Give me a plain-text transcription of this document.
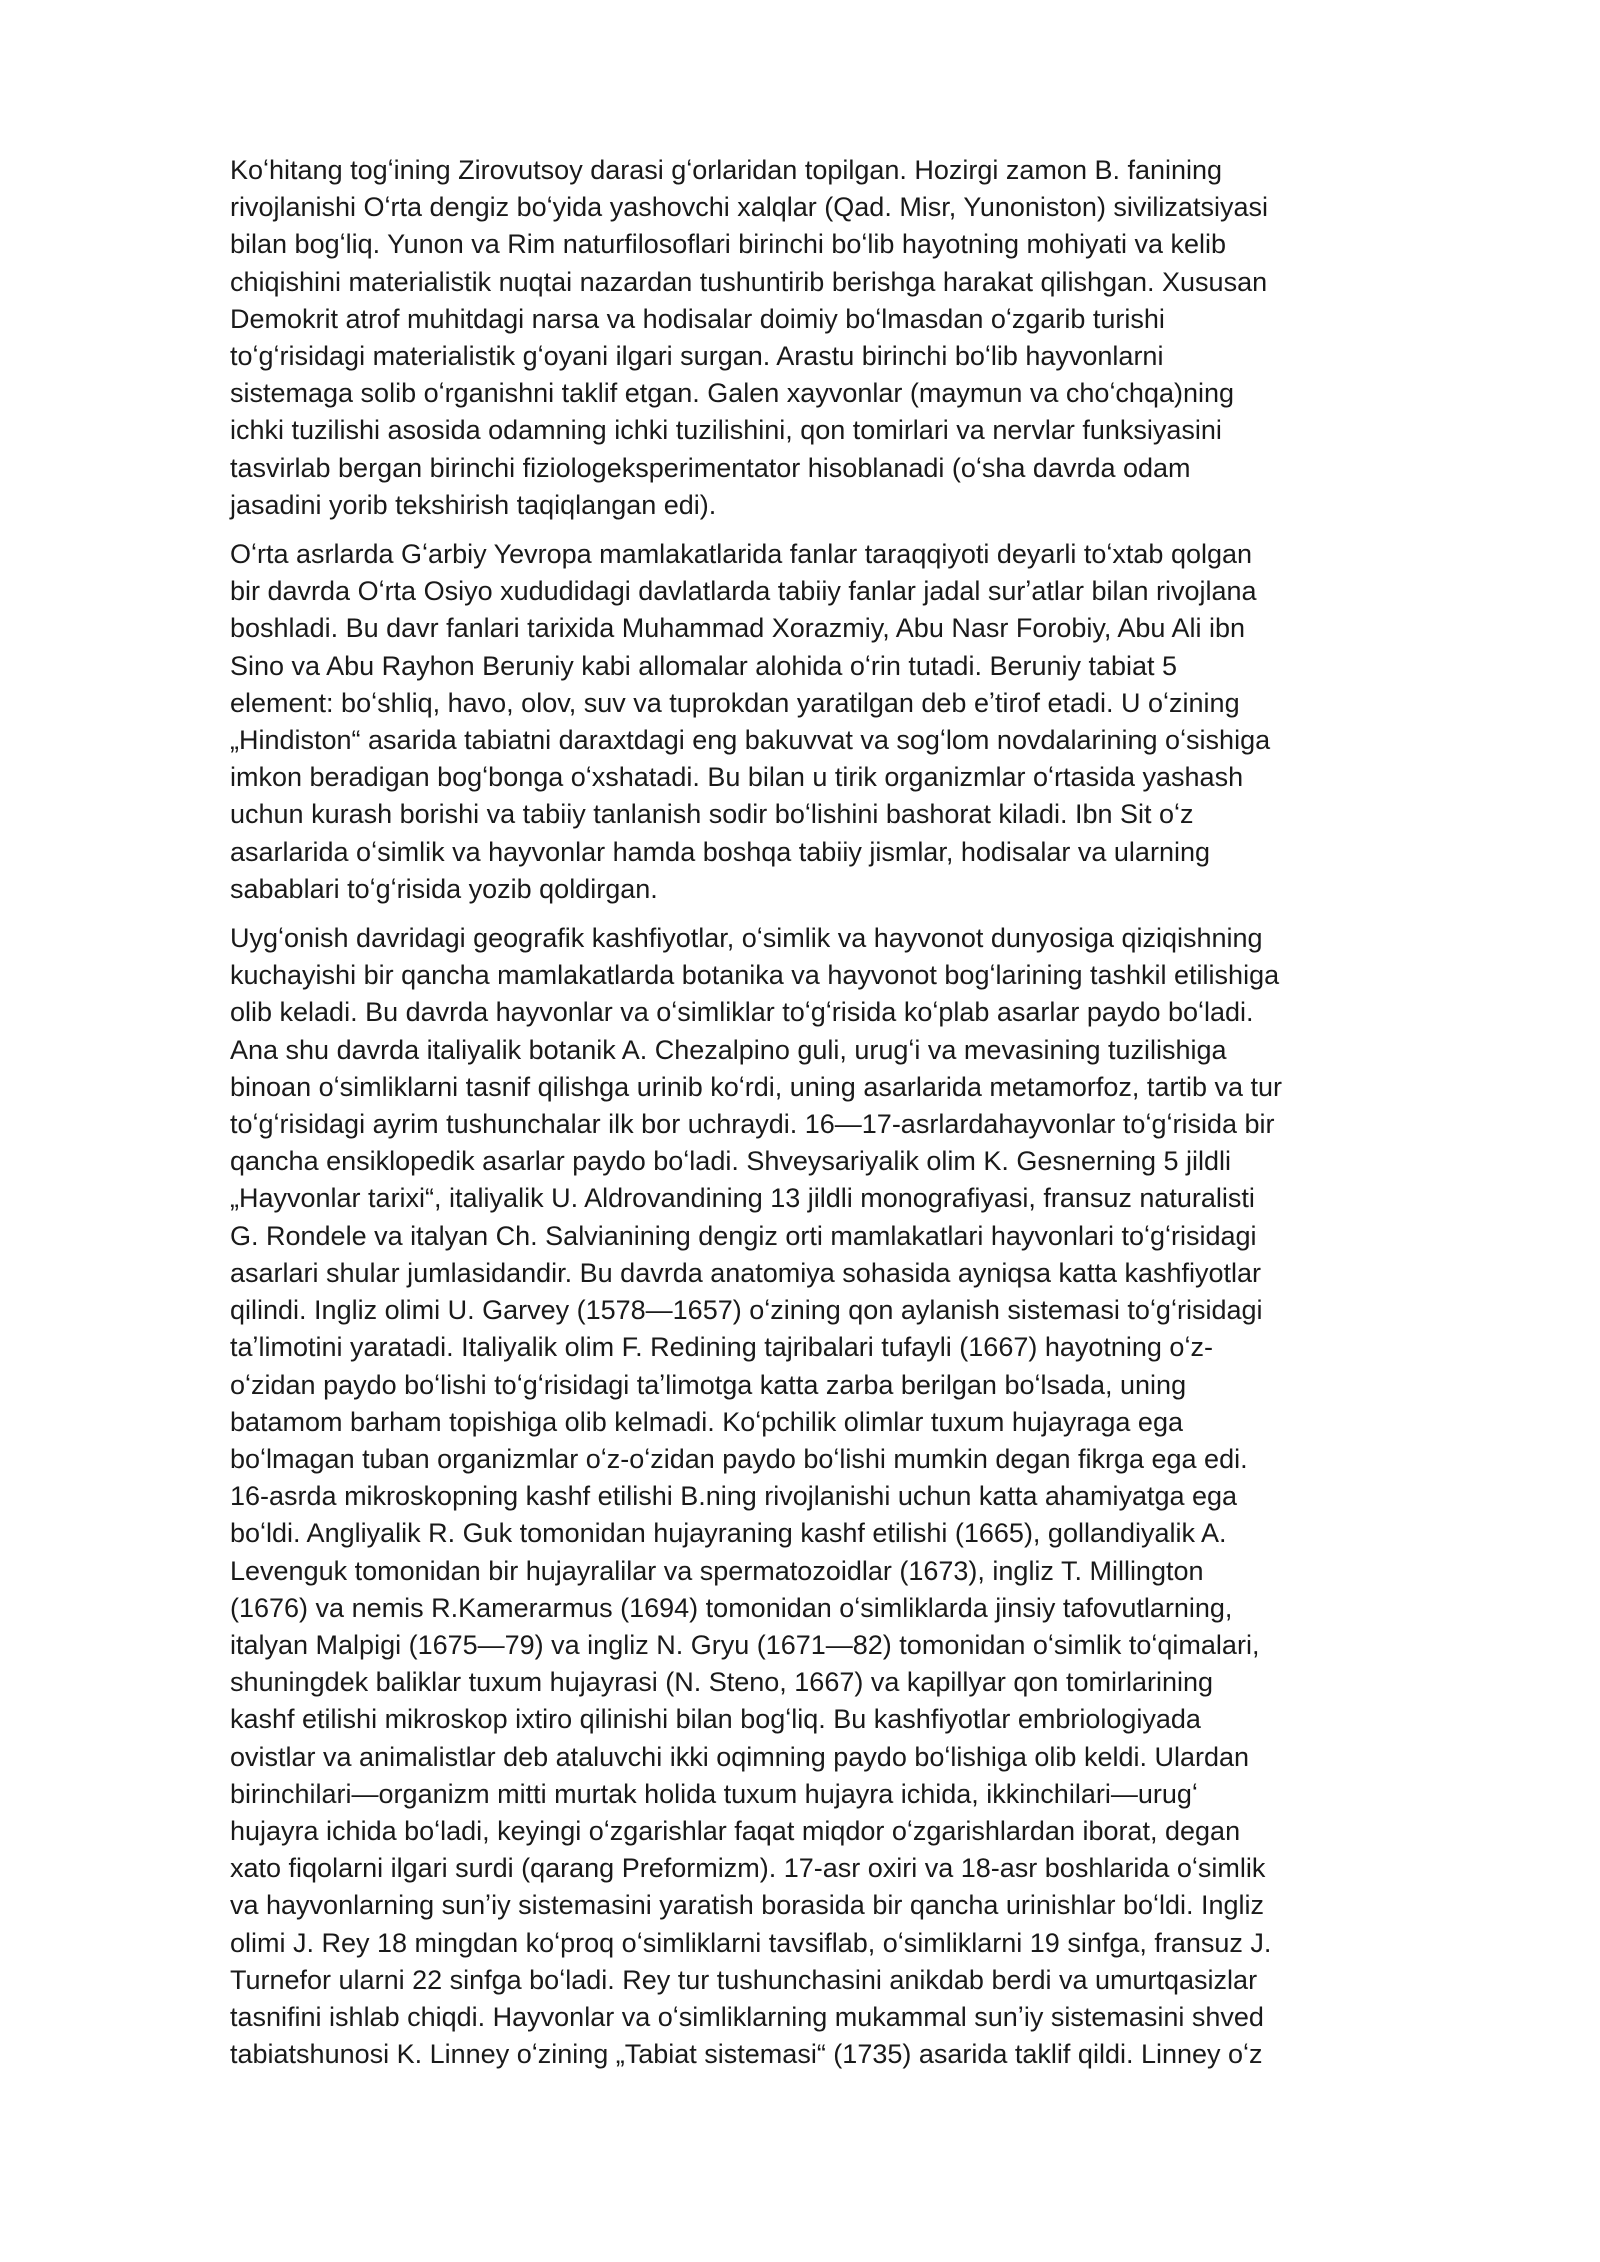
Koʻhitang togʻining Zirovutsoy darasi gʻorlaridan topilgan. Hozirgi zamon B. fanining
rivojlanishi Oʻrta dengiz boʻyida yashovchi xalqlar (Qad. Misr, Yunoniston) sivilizatsiyasi
bilan bogʻliq. Yunon va Rim naturfilosoflari birinchi boʻlib hayotning mohiyati va kelib
chiqishini materialistik nuqtai nazardan tushuntirib berishga harakat qilishgan. Xususan
Demokrit atrof muhitdagi narsa va hodisalar doimiy boʻlmasdan oʻzgarib turishi
toʻgʻrisidagi materialistik gʻoyani ilgari surgan. Arastu birinchi boʻlib hayvonlarni
sistemaga solib oʻrganishni taklif etgan. Galen xayvonlar (maymun va choʻchqa)ning
ichki tuzilishi asosida odamning ichki tuzilishini, qon tomirlari va nervlar funksiyasini
tasvirlab bergan birinchi fiziologeksperimentator hisoblanadi (oʻsha davrda odam
jasadini yorib tekshirish taqiqlangan edi).

Oʻrta asrlarda Gʻarbiy Yevropa mamlakatlarida fanlar taraqqiyoti deyarli toʻxtab qolgan
bir davrda Oʻrta Osiyo xududidagi davlatlarda tabiiy fanlar jadal surʼatlar bilan rivojlana
boshladi. Bu davr fanlari tarixida Muhammad Xorazmiy, Abu Nasr Forobiy, Abu Ali ibn
Sino va Abu Rayhon Beruniy kabi allomalar alohida oʻrin tutadi. Beruniy tabiat 5
element: boʻshliq, havo, olov, suv va tuprokdan yaratilgan deb eʼtirof etadi. U oʻzining
„Hindiston“ asarida tabiatni daraxtdagi eng bakuvvat va sogʻlom novdalarining oʻsishiga
imkon beradigan bogʻbonga oʻxshatadi. Bu bilan u tirik organizmlar oʻrtasida yashash
uchun kurash borishi va tabiiy tanlanish sodir boʻlishini bashorat kiladi. Ibn Sit oʻz
asarlarida oʻsimlik va hayvonlar hamda boshqa tabiiy jismlar, hodisalar va ularning
sabablari toʻgʻrisida yozib qoldirgan.

Uygʻonish davridagi geografik kashfiyotlar, oʻsimlik va hayvonot dunyosiga qiziqishning
kuchayishi bir qancha mamlakatlarda botanika va hayvonot bogʻlarining tashkil etilishiga
olib keladi. Bu davrda hayvonlar va oʻsimliklar toʻgʻrisida koʻplab asarlar paydo boʻladi.
Ana shu davrda italiyalik botanik A. Chezalpino guli, urugʻi va mevasining tuzilishiga
binoan oʻsimliklarni tasnif qilishga urinib koʻrdi, uning asarlarida metamorfoz, tartib va tur
toʻgʻrisidagi ayrim tushunchalar ilk bor uchraydi. 16—17-asrlardahayvonlar toʻgʻrisida bir
qancha ensiklopedik asarlar paydo boʻladi. Shveysariyalik olim K. Gesnerning 5 jildli
„Hayvonlar tarixi“, italiyalik U. Aldrovandining 13 jildli monografiyasi, fransuz naturalisti
G. Rondele va italyan Ch. Salvianining dengiz orti mamlakatlari hayvonlari toʻgʻrisidagi
asarlari shular jumlasidandir. Bu davrda anatomiya sohasida ayniqsa katta kashfiyotlar
qilindi. Ingliz olimi U. Garvey (1578—1657) oʻzining qon aylanish sistemasi toʻgʻrisidagi
taʼlimotini yaratadi. Italiyalik olim F. Redining tajribalari tufayli (1667) hayotning oʻz-
oʻzidan paydo boʻlishi toʻgʻrisidagi taʼlimotga katta zarba berilgan boʻlsada, uning
batamom barham topishiga olib kelmadi. Koʻpchilik olimlar tuxum hujayraga ega
boʻlmagan tuban organizmlar oʻz-oʻzidan paydo boʻlishi mumkin degan fikrga ega edi.
16-asrda mikroskopning kashf etilishi B.ning rivojlanishi uchun katta ahamiyatga ega
boʻldi. Angliyalik R. Guk tomonidan hujayraning kashf etilishi (1665), gollandiyalik A.
Levenguk tomonidan bir hujayralilar va spermatozoidlar (1673), ingliz T. Millington
(1676) va nemis R.Kamerarmus (1694) tomonidan oʻsimliklarda jinsiy tafovutlarning,
italyan Malpigi (1675—79) va ingliz N. Gryu (1671—82) tomonidan oʻsimlik toʻqimalari,
shuningdek baliklar tuxum hujayrasi (N. Steno, 1667) va kapillyar qon tomirlarining
kashf etilishi mikroskop ixtiro qilinishi bilan bogʻliq. Bu kashfiyotlar embriologiyada
ovistlar va animalistlar deb ataluvchi ikki oqimning paydo boʻlishiga olib keldi. Ulardan
birinchilari—organizm mitti murtak holida tuxum hujayra ichida, ikkinchilari—urugʻ
hujayra ichida boʻladi, keyingi oʻzgarishlar faqat miqdor oʻzgarishlardan iborat, degan
xato fiqolarni ilgari surdi (qarang Preformizm). 17-asr oxiri va 18-asr boshlarida oʻsimlik
va hayvonlarning sunʼiy sistemasini yaratish borasida bir qancha urinishlar boʻldi. Ingliz
olimi J. Rey 18 mingdan koʻproq oʻsimliklarni tavsiflab, oʻsimliklarni 19 sinfga, fransuz J.
Turnefor ularni 22 sinfga boʻladi. Rey tur tushunchasini anikdab berdi va umurtqasizlar
tasnifini ishlab chiqdi. Hayvonlar va oʻsimliklarning mukammal sunʼiy sistemasini shved
tabiatshunosi K. Linney oʻzining „Tabiat sistemasi“ (1735) asarida taklif qildi. Linney oʻz
